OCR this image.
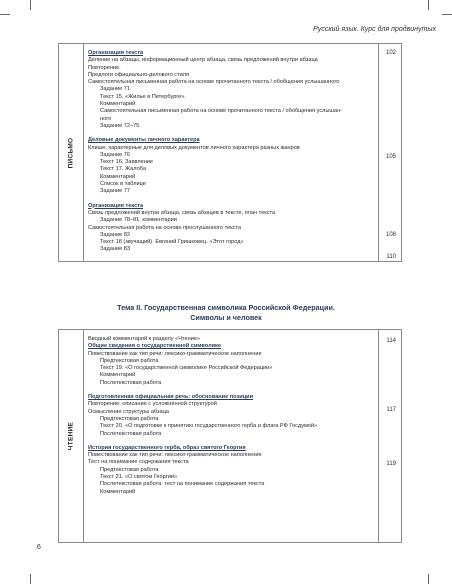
Русский язык. Курс для продвинутых
ПИСЬМО
Организация текста
Деление на абзацы, информационный центр абзаца, связь предложений внутри абзаца
Повторение.
Предлоги официально-делового стиля
Самостоятельная письменная работа на основе прочитанного текста / обобщения услышанного
Задание 71
Текст 15. «Жилье в Петербурге».
Комментарий
Самостоятельная письменная работа на основе прочитанного текста / обобщения услышан-
ного
Задание 72–75
Деловые документы личного характера
Клише, характерные для деловых документов личного характера разных жанров
Задание 76
Текст 16. Заявление
Текст 17. Жалоба
Комментарий
Список в таблице
Задание 77
Организация текста
Связь предложений внутри абзаца, связь абзацев в тексте, план текста
Задание 78–81, комментарии
Самостоятельная работа на основе прослушанного текста
Задание 82
Текст 18 (звучащий). Евгений Гришковец. «Этот город»
Задание 83
102
105
108
110
Тема II. Государственная символика Российской Федерации.
Символы и человек
ЧТЕНИЕ
Вводный комментарий к разделу «Чтение»
Общие сведения о государственной символике
Повествование как тип речи: лексико-грамматическое наполнение
Предтекстовая работа
Текст 19. «О государственной символике Российской Федерации»
Комментарий
Послетекстовая работа
Подготовленная официальная речь: обоснование позиции
Повторение: описание с усложнённой структурой
Осмысление структуры абзаца
Предтекстовая работа
Текст 20. «О подготовке к принятию государственного герба и флага РФ Госдумой»
Послетекстовая работа
История государственного герба, образ святого Георгия
Повествование как тип речи: лексико-грамматическое наполнение
Тест на понимание содержания текста
Предтекстовая работа
Текст 21. «О святом Георгии»
Послетекстовая работа: тест на понимание содержания текста
Комментарий
114
117
119
6
